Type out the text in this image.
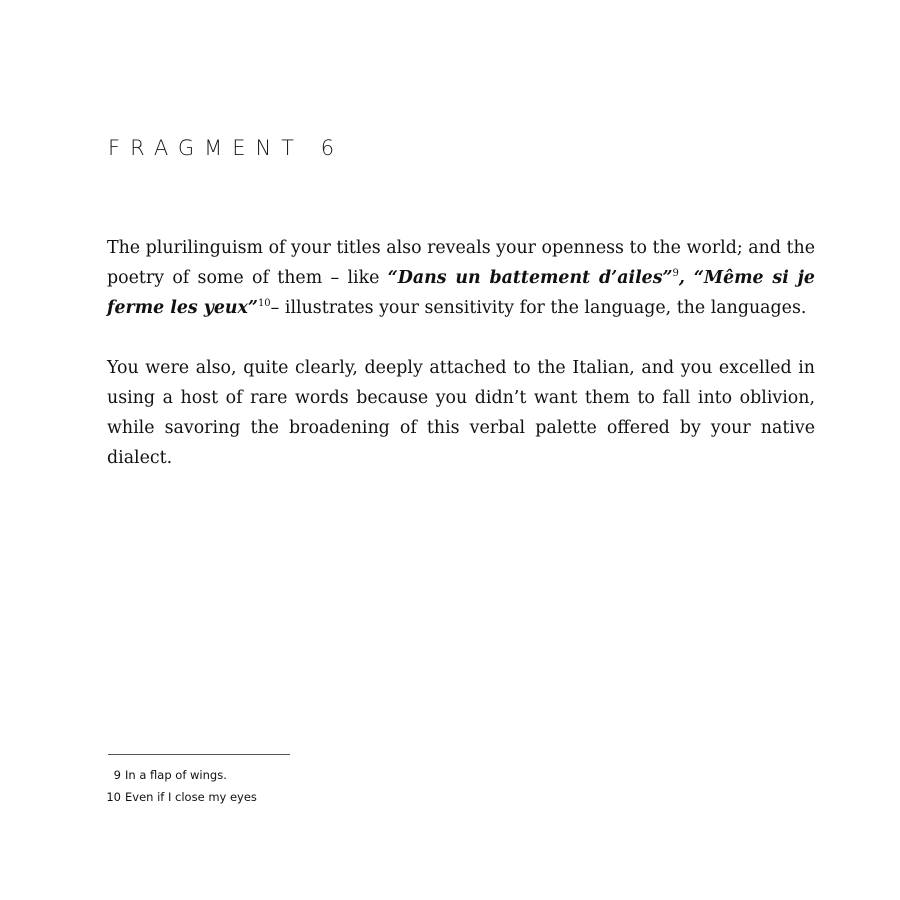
FRAGMENT 6

The plurilinguism of your titles also reveals your openness to the world; and the poetry of some of them – like “Dans un battement d’ailes”$^9$, “Même si je ferme les yeux”$^{10}$– illustrates your sensitivity for the language, the languages.

You were also, quite clearly, deeply attached to the Italian, and you excelled in using a host of rare words because you didn’t want them to fall into oblivion, while savoring the broadening of this verbal palette offered by your native dialect.

9 In a flap of wings.
10 Even if I close my eyes
